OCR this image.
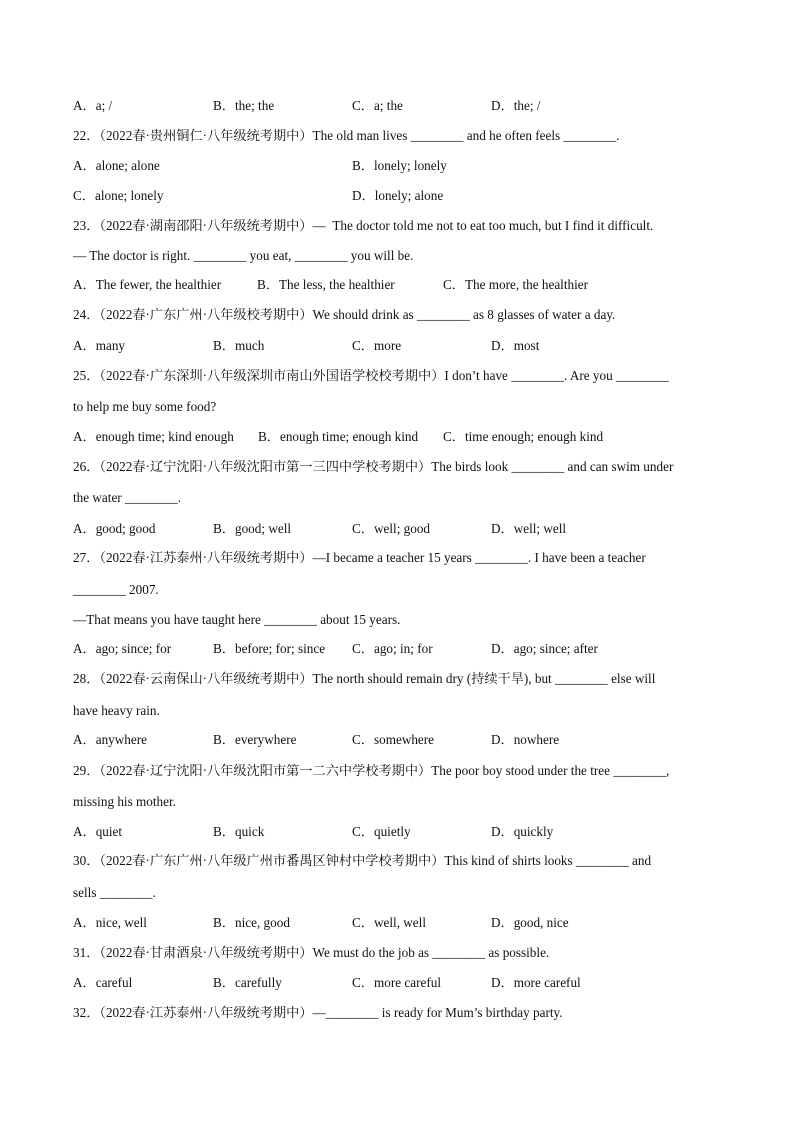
A．a; /	B．the; the	C．a; the	D．the; /
22．（2022春·贵州铜仁·八年级统考期中）The old man lives ________ and he often feels ________.
A．alone; alone	B．lonely; lonely
C．alone; lonely	D．lonely; alone
23．（2022春·湖南邵阳·八年级统考期中）—  The doctor told me not to eat too much, but I find it difficult.
— The doctor is right. ________ you eat, ________ you will be.
A．The fewer, the healthier	B．The less, the healthier	C．The more, the healthier
24．（2022春·广东广州·八年级校考期中）We should drink as ________ as 8 glasses of water a day.
A．many	B．much	C．more	D．most
25．（2022春·广东深圳·八年级深圳市南山外国语学校校考期中）I don’t have ________. Are you ________
to help me buy some food?
A．enough time; kind enough B．enough time; enough kind C．time enough; enough kind
26．（2022春·辽宁沈阳·八年级沈阳市第一三四中学校考期中）The birds look ________ and can swim under
the water ________.
A．good; good	B．good; well	C．well; good	D．well; well
27．（2022春·江苏泰州·八年级统考期中）—I became a teacher 15 years ________. I have been a teacher
________ 2007.
—That means you have taught here ________ about 15 years.
A．ago; since; for	B．before; for; since C．ago; in; for	D．ago; since; after
28．（2022春·云南保山·八年级统考期中）The north should remain dry (持续干旱), but ________ else will
have heavy rain.
A．anywhere	B．everywhere	C．somewhere	D．nowhere
29．（2022春·辽宁沈阳·八年级沈阳市第一二六中学校考期中）The poor boy stood under the tree ________,
missing his mother.
A．quiet	B．quick	C．quietly	D．quickly
30．（2022春·广东广州·八年级广州市番禺区钟村中学校考期中）This kind of shirts looks ________ and
sells ________.
A．nice, well	B．nice, good	C．well, well	D．good, nice
31．（2022春·甘肃酒泉·八年级统考期中）We must do the job as ________ as possible.
A．careful	B．carefully	C．more careful	D．more careful
32．（2022春·江苏泰州·八年级统考期中）—________ is ready for Mum’s birthday party.
